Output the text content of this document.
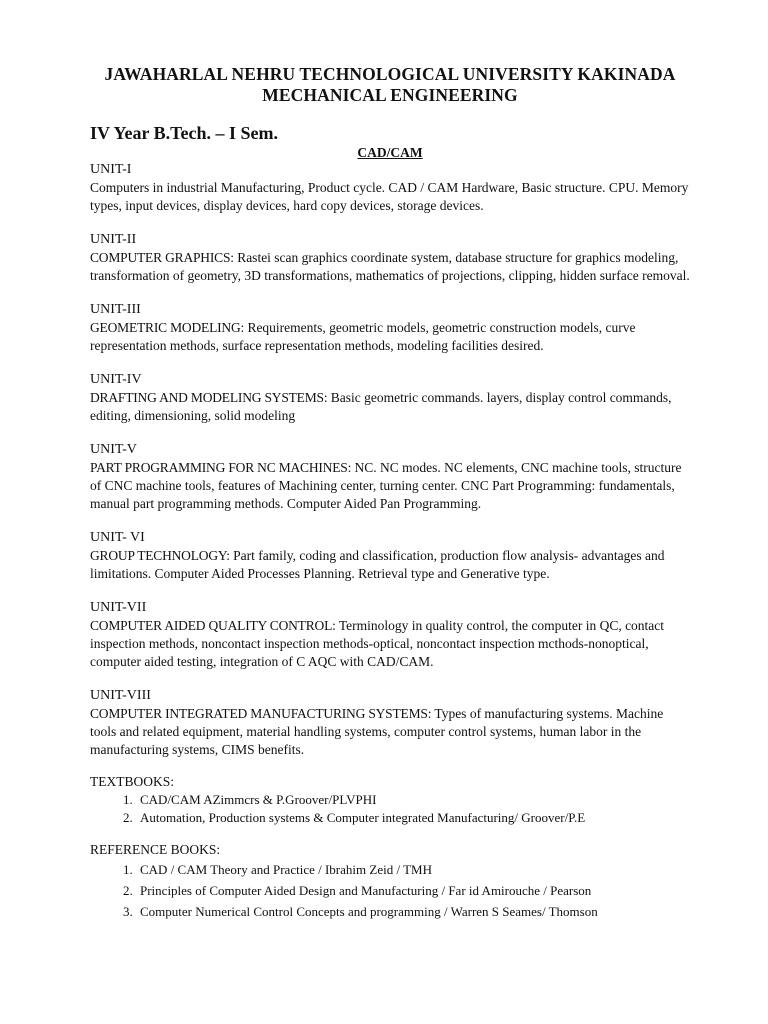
JAWAHARLAL NEHRU TECHNOLOGICAL UNIVERSITY KAKINADA
MECHANICAL ENGINEERING
IV Year B.Tech. – I Sem.
CAD/CAM
UNIT-I
Computers in industrial Manufacturing, Product cycle. CAD / CAM Hardware, Basic structure. CPU. Memory types, input devices, display devices, hard copy devices, storage devices.
UNIT-II
COMPUTER GRAPHICS: Rastei scan graphics coordinate system, database structure for graphics modeling, transformation of geometry, 3D transformations, mathematics of projections, clipping, hidden surface removal.
UNIT-III
GEOMETRIC MODELING: Requirements, geometric models, geometric construction models, curve representation methods, surface representation methods, modeling facilities desired.
UNIT-IV
DRAFTING AND MODELING SYSTEMS: Basic geometric commands. layers, display control commands, editing, dimensioning, solid modeling
UNIT-V
PART PROGRAMMING FOR NC MACHINES: NC. NC modes. NC elements, CNC machine tools, structure of CNC machine tools, features of Machining center, turning center. CNC Part Programming: fundamentals, manual part programming methods. Computer Aided Pan Programming.
UNIT- VI
GROUP TECHNOLOGY: Part family, coding and classification, production flow analysis- advantages and limitations. Computer Aided Processes Planning. Retrieval type and Generative type.
UNIT-VII
COMPUTER AIDED QUALITY CONTROL: Terminology in quality control, the computer in QC, contact inspection methods, noncontact inspection methods-optical, noncontact inspection mcthods-nonoptical, computer aided testing, integration of C AQC with CAD/CAM.
UNIT-VIII
COMPUTER INTEGRATED MANUFACTURING SYSTEMS: Types of manufacturing systems. Machine tools and related equipment, material handling systems, computer control systems, human labor in the manufacturing systems, CIMS benefits.
TEXTBOOKS:
1. CAD/CAM AZimmcrs & P.Groover/PLVPHI
2. Automation, Production systems & Computer integrated Manufacturing/ Groover/P.E
REFERENCE BOOKS:
1. CAD / CAM Theory and Practice / Ibrahim Zeid / TMH
2. Principles of Computer Aided Design and Manufacturing / Far id Amirouche / Pearson
3. Computer Numerical Control Concepts and programming / Warren S Seames/ Thomson
